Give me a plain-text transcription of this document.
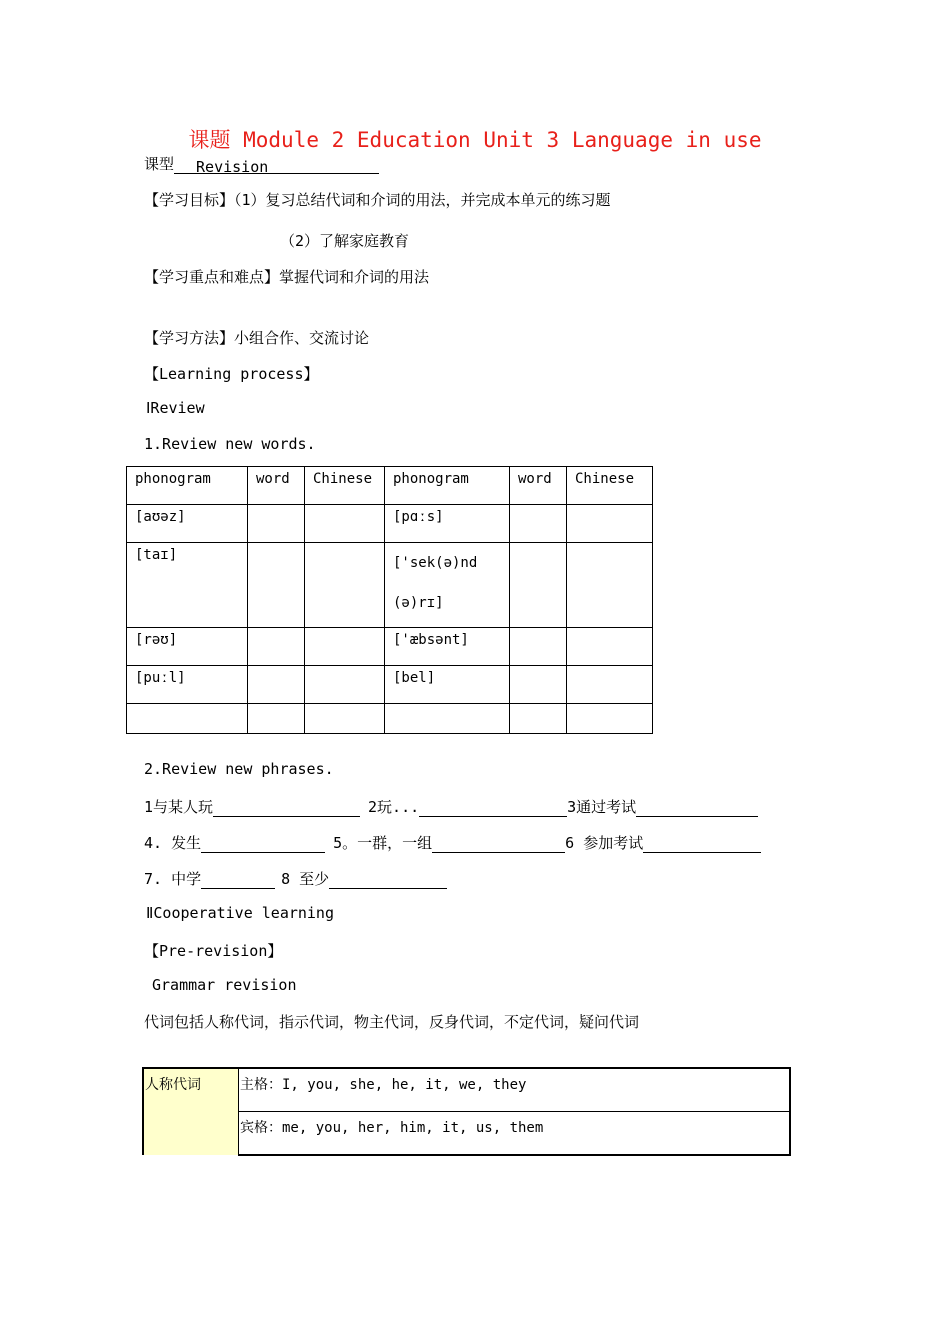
课题 Module 2 Education Unit 3 Language in use
课型 Revision
【学习目标】（1）复习总结代词和介词的用法，并完成本单元的练习题
（2）了解家庭教育
【学习重点和难点】掌握代词和介词的用法
【学习方法】小组合作、交流讨论
【Learning process】
ⅠReview
1.Review new words.
phonogram	word	Chinese	phonogram	word	Chinese
[aʊəz]			[pɑːs]		
[taɪ]			['sek(ə)nd(ə)rɪ]		
[rəʊ]			['æbsənt]		
[puːl]			[bel]		

2.Review new phrases.
1与某人玩	2玩...	3通过考试
4. 发生	5。一群，一组	6 参加考试
7. 中学	8 至少
ⅡCooperative learning
【Pre-revision】
Grammar revision
代词包括人称代词，指示代词，物主代词，反身代词，不定代词，疑问代词
人称代词	主格：I, you, she, he, it, we, they
宾格：me, you, her, him, it, us, them
